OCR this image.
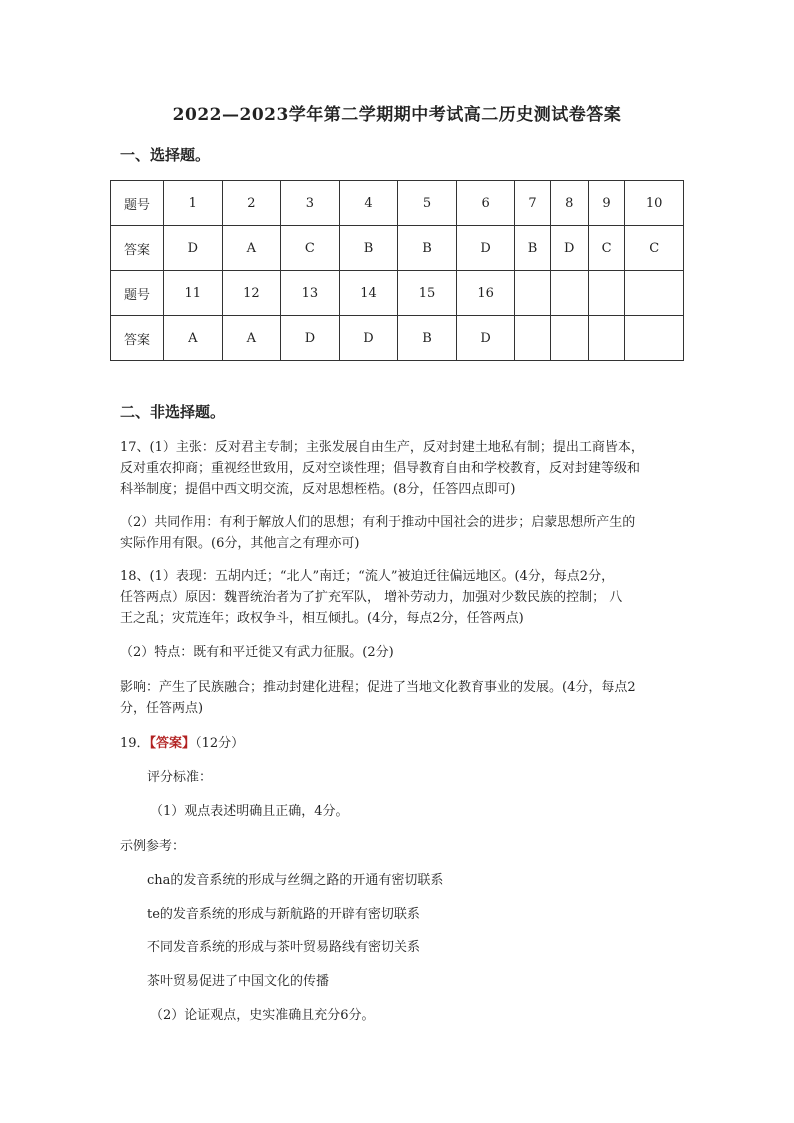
2022—2023学年第二学期期中考试高二历史测试卷答案
一、选择题。
题号	1	2	3	4	5	6	7	8	9	10
答案	D	A	C	B	B	D	B	D	C	C
题号	11	12	13	14	15	16				
答案	A	A	D	D	B	D				
二、非选择题。
17、(1）主张：反对君主专制；主张发展自由生产，反对封建土地私有制；提出工商皆本，
反对重农抑商；重视经世致用，反对空谈性理；倡导教育自由和学校教育，反对封建等级和
科举制度；提倡中西文明交流，反对思想桎梏。(8分，任答四点即可)
（2）共同作用：有利于解放人们的思想；有利于推动中国社会的进步；启蒙思想所产生的
实际作用有限。(6分，其他言之有理亦可)
18、(1）表现：五胡内迁；“北人”南迁；“流人”被迫迁往偏远地区。(4分，每点2分，
任答两点）原因：魏晋统治者为了扩充军队， 增补劳动力，加强对少数民族的控制； 八
王之乱；灾荒连年；政权争斗，相互倾扎。(4分，每点2分，任答两点)
（2）特点：既有和平迁徙又有武力征服。(2分)
影响：产生了民族融合；推动封建化进程；促进了当地文化教育事业的发展。(4分，每点2
分，任答两点)
19．【答案】（12分）
评分标准：
（1）观点表述明确且正确，4分。
示例参考：
cha的发音系统的形成与丝绸之路的开通有密切联系
te的发音系统的形成与新航路的开辟有密切联系
不同发音系统的形成与茶叶贸易路线有密切关系
茶叶贸易促进了中国文化的传播
（2）论证观点，史实准确且充分6分。
